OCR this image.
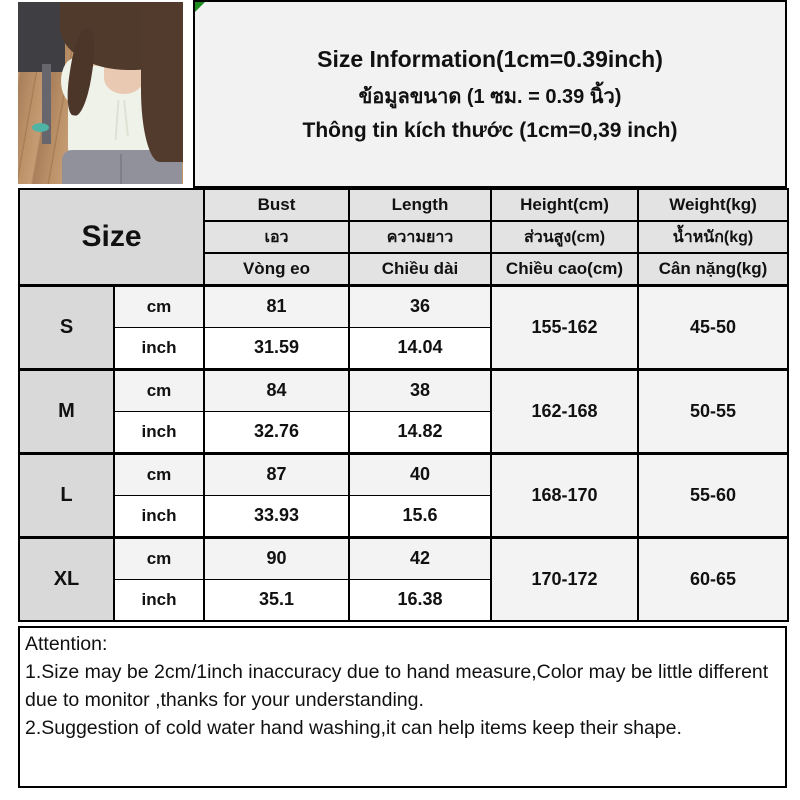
Size Information(1cm=0.39inch)
ข้อมูลขนาด (1 ซม. = 0.39 นิ้ว)
Thông tin kích thước (1cm=0,39 inch)
Size		Bust	Length	Height(cm)	Weight(kg)
		เอว	ความยาว	ส่วนสูง(cm)	น้ำหนัก(kg)
		Vòng eo	Chiều dài	Chiều cao(cm)	Cân nặng(kg)
S	cm	81	36	155-162	45-50
	inch	31.59	14.04		
M	cm	84	38	162-168	50-55
	inch	32.76	14.82		
L	cm	87	40	168-170	55-60
	inch	33.93	15.6		
XL	cm	90	42	170-172	60-65
	inch	35.1	16.38		
Attention:
1.Size may be 2cm/1inch inaccuracy due to hand measure,Color may be little different due to monitor ,thanks for your understanding.
2.Suggestion of cold water hand washing,it can help items keep their shape.
